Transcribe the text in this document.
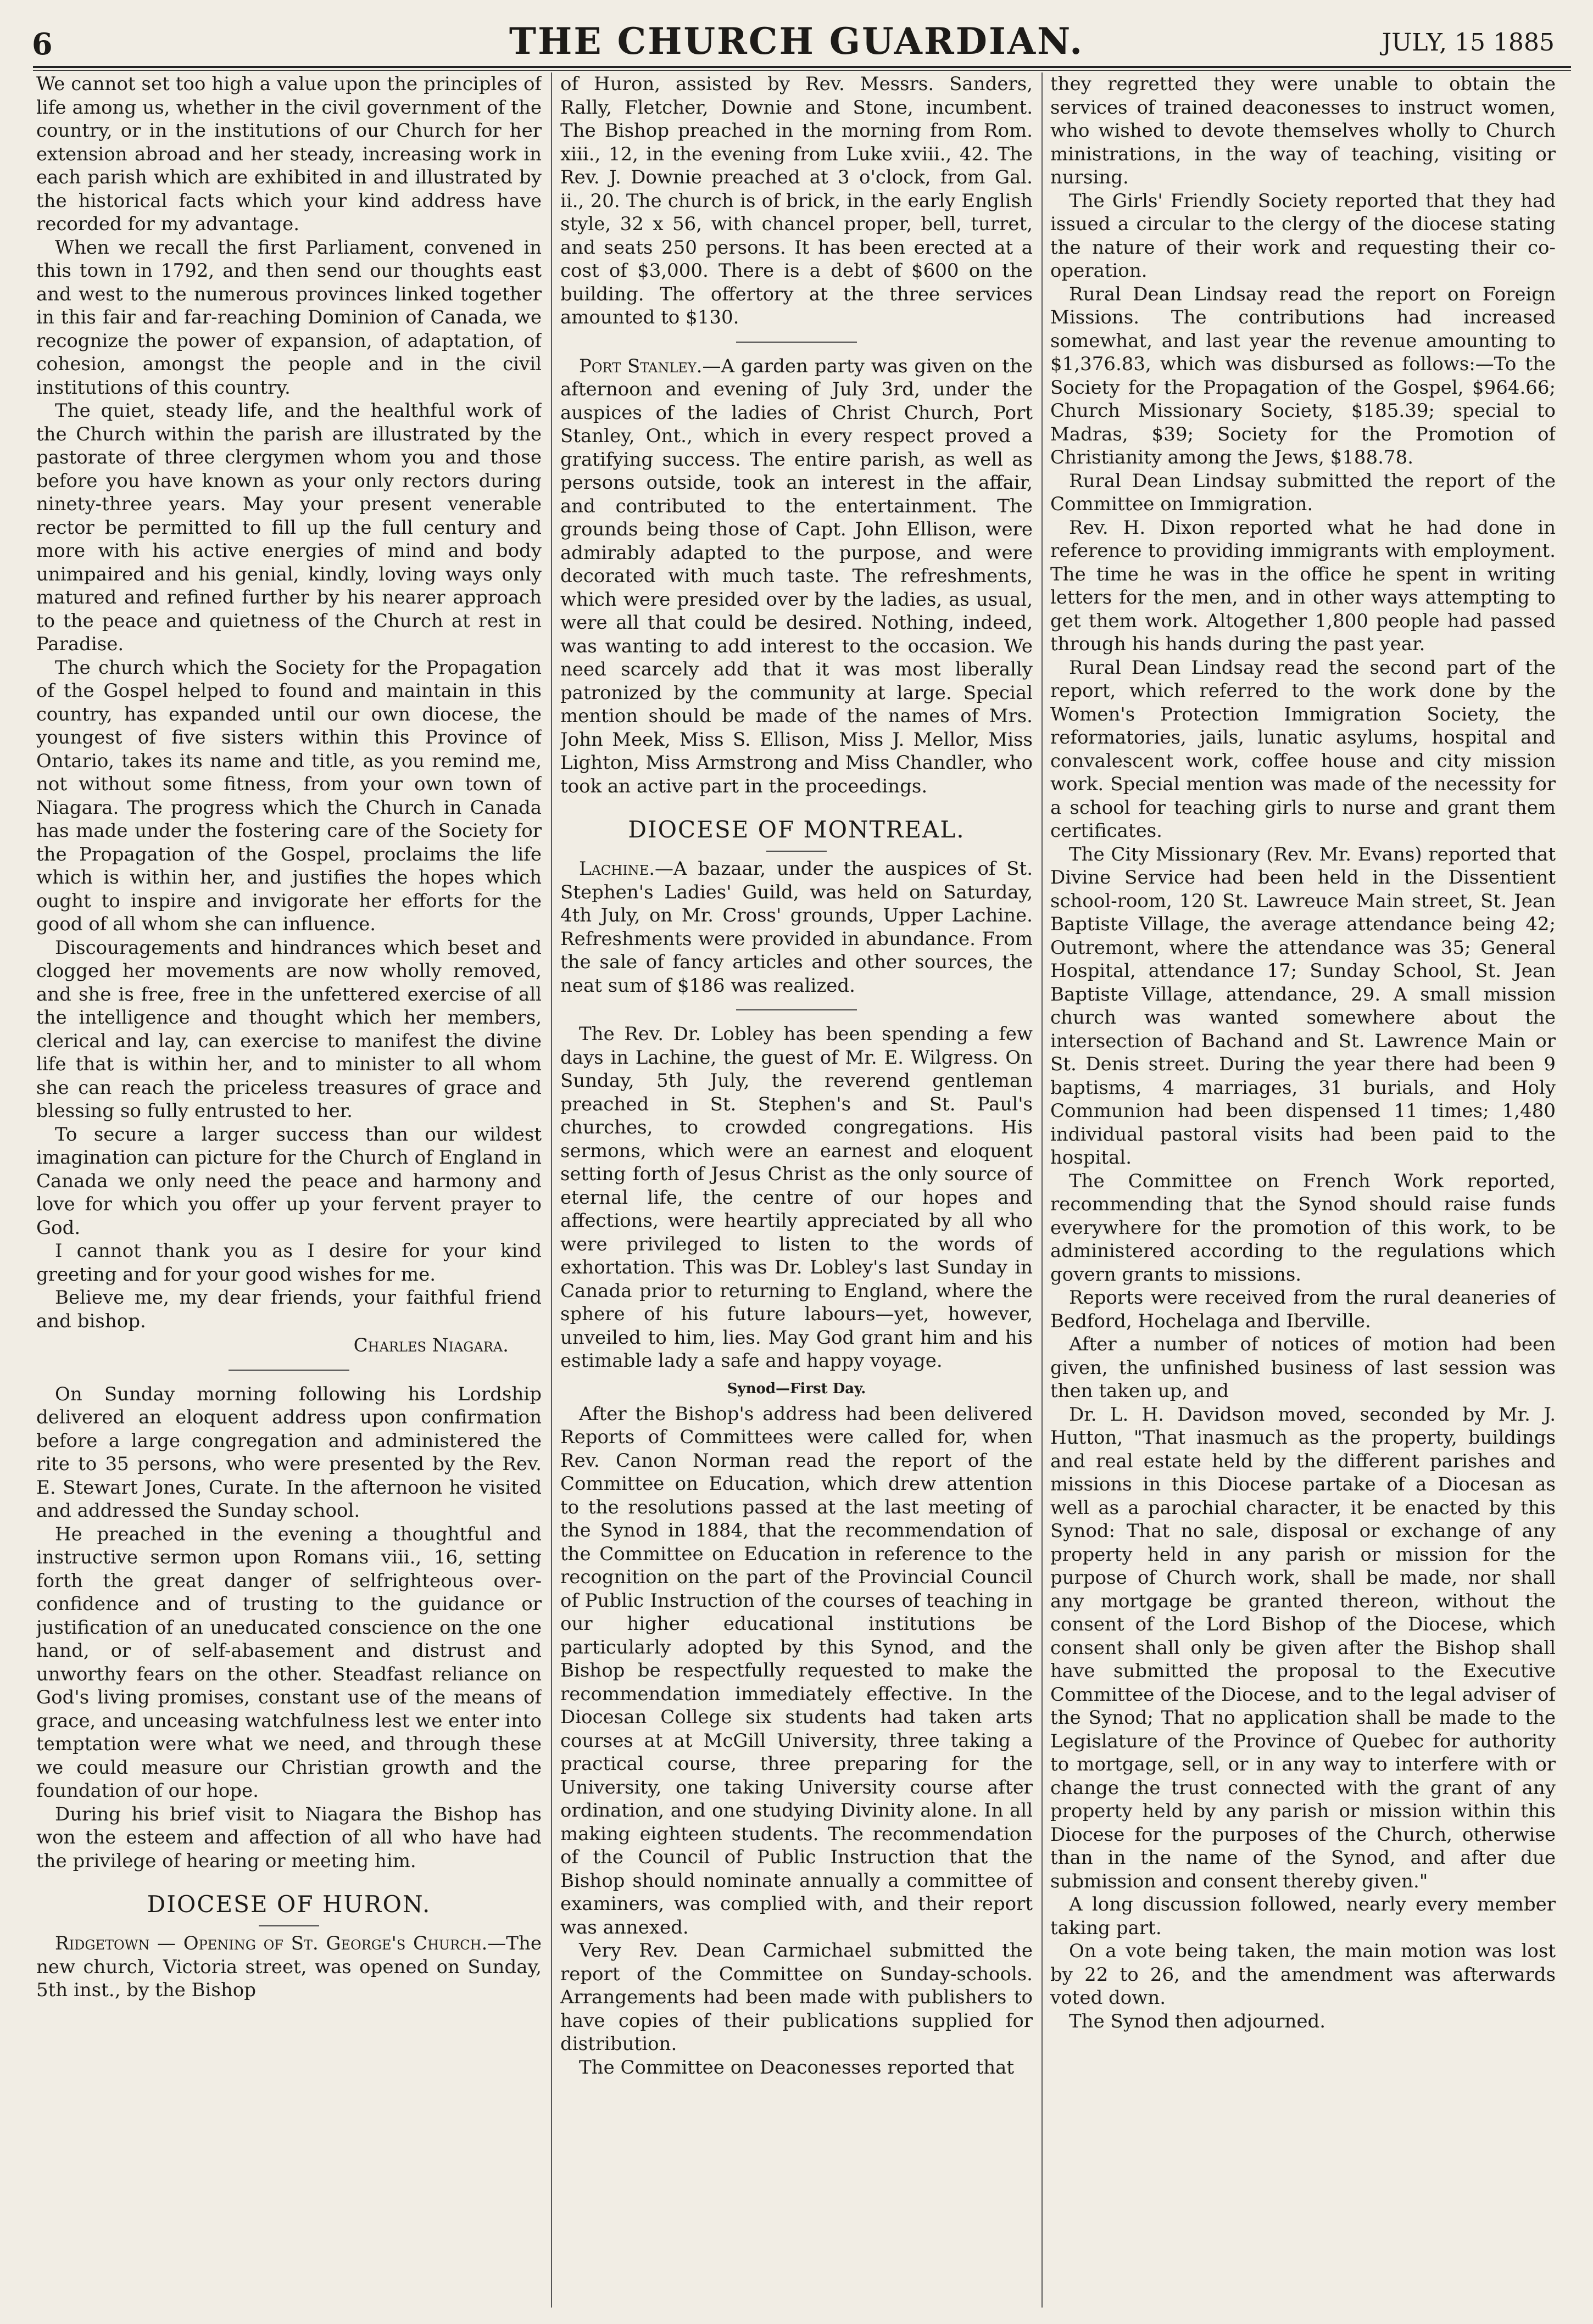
6	THE CHURCH GUARDIAN.	JULY, 15 1885

We cannot set too high a value upon the principles of life among us, whether in the civil government of the country, or in the institutions of our Church for her extension abroad and her steady, increasing work in each parish which are exhibited in and illustrated by the historical facts which your kind address have recorded for my advantage.

When we recall the first Parliament, convened in this town in 1792, and then send our thoughts east and west to the numerous provinces linked together in this fair and far-reaching Dominion of Canada, we recognize the power of expansion, of adaptation, of cohesion, amongst the people and in the civil institutions of this country.

The quiet, steady life, and the healthful work of the Church within the parish are illustrated by the pastorate of three clergymen whom you and those before you have known as your only rectors during ninety-three years. May your present venerable rector be permitted to fill up the full century and more with his active energies of mind and body unimpaired and his genial, kindly, loving ways only matured and refined further by his nearer approach to the peace and quietness of the Church at rest in Paradise.

The church which the Society for the Propagation of the Gospel helped to found and maintain in this country, has expanded until our own diocese, the youngest of five sisters within this Province of Ontario, takes its name and title, as you remind me, not without some fitness, from your own town of Niagara. The progress which the Church in Canada has made under the fostering care of the Society for the Propagation of the Gospel, proclaims the life which is within her, and justifies the hopes which ought to inspire and invigorate her efforts for the good of all whom she can influence.

Discouragements and hindrances which beset and clogged her movements are now wholly removed, and she is free, free in the unfettered exercise of all the intelligence and thought which her members, clerical and lay, can exercise to manifest the divine life that is within her, and to minister to all whom she can reach the priceless treasures of grace and blessing so fully entrusted to her.

To secure a larger success than our wildest imagination can picture for the Church of England in Canada we only need the peace and harmony and love for which you offer up your fervent prayer to God.

I cannot thank you as I desire for your kind greeting and for your good wishes for me.

Believe me, my dear friends, your faithful friend and bishop.

Charles Niagara.

On Sunday morning following his Lordship delivered an eloquent address upon confirmation before a large congregation and administered the rite to 35 persons, who were presented by the Rev. E. Stewart Jones, Curate. In the afternoon he visited and addressed the Sunday school.

He preached in the evening a thoughtful and instructive sermon upon Romans viii., 16, setting forth the great danger of selfrighteous over-confidence and of trusting to the guidance or justification of an uneducated conscience on the one hand, or of self-abasement and distrust and unworthy fears on the other. Steadfast reliance on God's living promises, constant use of the means of grace, and unceasing watchfulness lest we enter into temptation were what we need, and through these we could measure our Christian growth and the foundation of our hope.

During his brief visit to Niagara the Bishop has won the esteem and affection of all who have had the privilege of hearing or meeting him.

DIOCESE OF HURON.

Ridgetown — Opening of St. George's Church.—The new church, Victoria street, was opened on Sunday, 5th inst., by the Bishop

of Huron, assisted by Rev. Messrs. Sanders, Rally, Fletcher, Downie and Stone, incumbent. The Bishop preached in the morning from Rom. xiii., 12, in the evening from Luke xviii., 42. The Rev. J. Downie preached at 3 o'clock, from Gal. ii., 20. The church is of brick, in the early English style, 32 x 56, with chancel proper, bell, turret, and seats 250 persons. It has been erected at a cost of $3,000. There is a debt of $600 on the building. The offertory at the three services amounted to $130.

Port Stanley.—A garden party was given on the afternoon and evening of July 3rd, under the auspices of the ladies of Christ Church, Port Stanley, Ont., which in every respect proved a gratifying success. The entire parish, as well as persons outside, took an interest in the affair, and contributed to the entertainment. The grounds being those of Capt. John Ellison, were admirably adapted to the purpose, and were decorated with much taste. The refreshments, which were presided over by the ladies, as usual, were all that could be desired. Nothing, indeed, was wanting to add interest to the occasion. We need scarcely add that it was most liberally patronized by the community at large. Special mention should be made of the names of Mrs. John Meek, Miss S. Ellison, Miss J. Mellor, Miss Lighton, Miss Armstrong and Miss Chandler, who took an active part in the proceedings.

DIOCESE OF MONTREAL.

Lachine.—A bazaar, under the auspices of St. Stephen's Ladies' Guild, was held on Saturday, 4th July, on Mr. Cross' grounds, Upper Lachine. Refreshments were provided in abundance. From the sale of fancy articles and other sources, the neat sum of $186 was realized.

The Rev. Dr. Lobley has been spending a few days in Lachine, the guest of Mr. E. Wilgress. On Sunday, 5th July, the reverend gentleman preached in St. Stephen's and St. Paul's churches, to crowded congregations. His sermons, which were an earnest and eloquent setting forth of Jesus Christ as the only source of eternal life, the centre of our hopes and affections, were heartily appreciated by all who were privileged to listen to the words of exhortation. This was Dr. Lobley's last Sunday in Canada prior to returning to England, where the sphere of his future labours—yet, however, unveiled to him, lies. May God grant him and his estimable lady a safe and happy voyage.

Synod—First Day.

After the Bishop's address had been delivered Reports of Committees were called for, when Rev. Canon Norman read the report of the Committee on Education, which drew attention to the resolutions passed at the last meeting of the Synod in 1884, that the recommendation of the Committee on Education in reference to the recognition on the part of the Provincial Council of Public Instruction of the courses of teaching in our higher educational institutions be particularly adopted by this Synod, and the Bishop be respectfully requested to make the recommendation immediately effective. In the Diocesan College six students had taken arts courses at at McGill University, three taking a practical course, three preparing for the University, one taking University course after ordination, and one studying Divinity alone. In all making eighteen students. The recommendation of the Council of Public Instruction that the Bishop should nominate annually a committee of examiners, was complied with, and their report was annexed.

Very Rev. Dean Carmichael submitted the report of the Committee on Sunday-schools. Arrangements had been made with publishers to have copies of their publications supplied for distribution.

The Committee on Deaconesses reported that

they regretted they were unable to obtain the services of trained deaconesses to instruct women, who wished to devote themselves wholly to Church ministrations, in the way of teaching, visiting or nursing.

The Girls' Friendly Society reported that they had issued a circular to the clergy of the diocese stating the nature of their work and requesting their co-operation.

Rural Dean Lindsay read the report on Foreign Missions. The contributions had increased somewhat, and last year the revenue amounting to $1,376.83, which was disbursed as follows:—To the Society for the Propagation of the Gospel, $964.66; Church Missionary Society, $185.39; special to Madras, $39; Society for the Promotion of Christianity among the Jews, $188.78.

Rural Dean Lindsay submitted the report of the Committee on Immigration.

Rev. H. Dixon reported what he had done in reference to providing immigrants with employment. The time he was in the office he spent in writing letters for the men, and in other ways attempting to get them work. Altogether 1,800 people had passed through his hands during the past year.

Rural Dean Lindsay read the second part of the report, which referred to the work done by the Women's Protection Immigration Society, the reformatories, jails, lunatic asylums, hospital and convalescent work, coffee house and city mission work. Special mention was made of the necessity for a school for teaching girls to nurse and grant them certificates.

The City Missionary (Rev. Mr. Evans) reported that Divine Service had been held in the Dissentient school-room, 120 St. Lawreuce Main street, St. Jean Baptiste Village, the average attendance being 42; Outremont, where the attendance was 35; General Hospital, attendance 17; Sunday School, St. Jean Baptiste Village, attendance, 29. A small mission church was wanted somewhere about the intersection of Bachand and St. Lawrence Main or St. Denis street. During the year there had been 9 baptisms, 4 marriages, 31 burials, and Holy Communion had been dispensed 11 times; 1,480 individual pastoral visits had been paid to the hospital.

The Committee on French Work reported, recommending that the Synod should raise funds everywhere for the promotion of this work, to be administered according to the regulations which govern grants to missions.

Reports were received from the rural deaneries of Bedford, Hochelaga and Iberville.

After a number of notices of motion had been given, the unfinished business of last session was then taken up, and

Dr. L. H. Davidson moved, seconded by Mr. J. Hutton, "That inasmuch as the property, buildings and real estate held by the different parishes and missions in this Diocese partake of a Diocesan as well as a parochial character, it be enacted by this Synod: That no sale, disposal or exchange of any property held in any parish or mission for the purpose of Church work, shall be made, nor shall any mortgage be granted thereon, without the consent of the Lord Bishop of the Diocese, which consent shall only be given after the Bishop shall have submitted the proposal to the Executive Committee of the Diocese, and to the legal adviser of the Synod; That no application shall be made to the Legislature of the Province of Quebec for authority to mortgage, sell, or in any way to interfere with or change the trust connected with the grant of any property held by any parish or mission within this Diocese for the purposes of the Church, otherwise than in the name of the Synod, and after due submission and consent thereby given."

A long discussion followed, nearly every member taking part.

On a vote being taken, the main motion was lost by 22 to 26, and the amendment was afterwards voted down.

The Synod then adjourned.
